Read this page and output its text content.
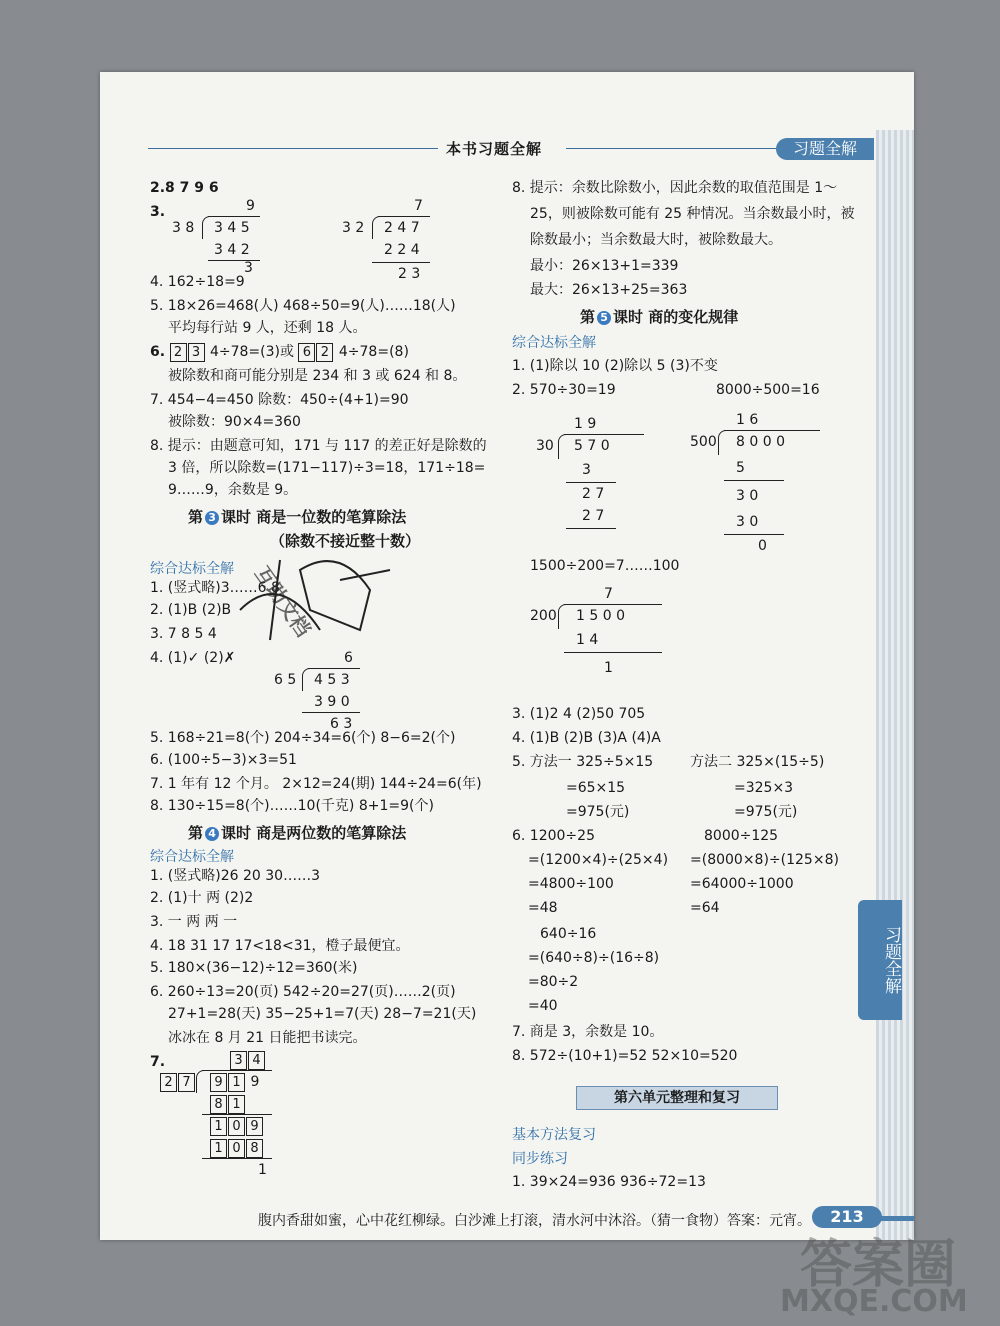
本书习题全解	习题全解
2.8 7 9 6
3.	9
3 8 3 4 5
3 4 2
3
7
3 2 2 4 7
2 2 4
2 3
4. 162÷18=9
5. 18×26=468(人) 468÷50=9(人)……18(人)
平均每行站 9 人，还剩 18 人。
6. 2 3 4÷78=(3)或 6 2 4÷78=(8)
被除数和商可能分别是 234 和 3 或 624 和 8。
7. 454−4=450 除数：450÷(4+1)=90
被除数：90×4=360
8. 提示：由题意可知，171 与 117 的差正好是除数的
3 倍，所以除数=(171−117)÷3=18，171÷18=
9……9，余数是 9。
第 3 课时 商是一位数的笔算除法
（除数不接近整十数）
综合达标全解
1. (竖式略)3……6 8
2. (1)B (2)B
3. 7 8 5 4
4. (1)✓ (2)✗	6
6 5 4 5 3
3 9 0
6 3
5. 168÷21=8(个) 204÷34=6(个) 8−6=2(个)
6. (100÷5−3)×3=51
7. 1 年有 12 个月。 2×12=24(期) 144÷24=6(年)
8. 130÷15=8(个)……10(千克) 8+1=9(个)
第 4 课时 商是两位数的笔算除法
综合达标全解
1. (竖式略)26 20 30……3
2. (1)十 两 (2)2
3. 一 两 两 一
4. 18 31 17 17<18<31，橙子最便宜。
5. 180×(36−12)÷12=360(米)
6. 260÷13=20(页) 542÷20=27(页)……2(页)
27+1=28(天) 35−25+1=7(天) 28−7=21(天)
冰冰在 8 月 21 日能把书读完。
7.	3 4
2 7	9 1 9
8 1
1 0 9
1 0 8
1
8. 提示：余数比除数小，因此余数的取值范围是 1～
25，则被除数可能有 25 种情况。当余数最小时，被
除数最小；当余数最大时，被除数最大。
最小：26×13+1=339
最大：26×13+25=363
第 5 课时 商的变化规律
综合达标全解
1. (1)除以 10 (2)除以 5 (3)不变
2. 570÷30=19	8000÷500=16
1 9
30 5 7 0
3
2 7
2 7
1 6
500 8 0 0 0
5
3 0
3 0
0
1500÷200=7……100
7
200 1 5 0 0
1 4
1
3. (1)2 4 (2)50 705
4. (1)B (2)B (3)A (4)A
5. 方法一 325÷5×15	方法二 325×(15÷5)
=65×15	=325×3
=975(元)	=975(元)
6. 1200÷25	8000÷125
=(1200×4)÷(25×4) =(8000×8)÷(125×8)
=4800÷100	=64000÷1000
=48	=64
640÷16
=(640÷8)÷(16÷8)
=80÷2
=40
7. 商是 3，余数是 10。
8. 572÷(10+1)=52 52×10=520
第六单元整理和复习
基本方法复习
同步练习
1. 39×24=936 936÷72=13
习题全解
腹内香甜如蜜，心中花红柳绿。白沙滩上打滚，清水河中沐浴。（猜一食物）答案：元宵。	213
互助文档
答案圈
MXQE.COM
